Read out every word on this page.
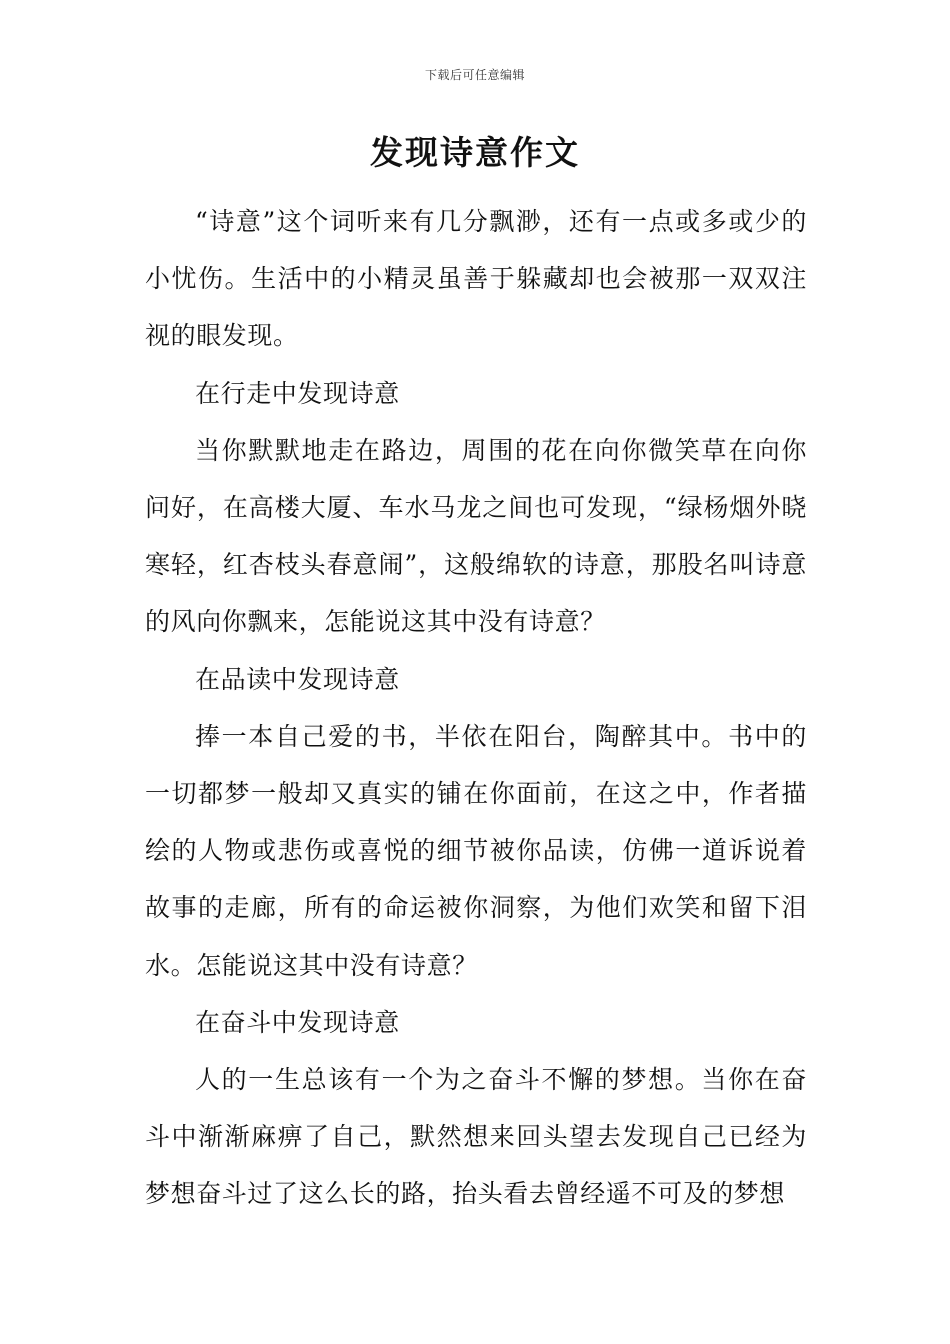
下载后可任意编辑
发现诗意作文

“诗意”这个词听来有几分飘渺，还有一点或多或少的小忧伤。生活中的小精灵虽善于躲藏却也会被那一双双注视的眼发现。

在行走中发现诗意

当你默默地走在路边，周围的花在向你微笑草在向你问好，在高楼大厦、车水马龙之间也可发现，“绿杨烟外晓寒轻，红杏枝头春意闹”，这般绵软的诗意，那股名叫诗意的风向你飘来，怎能说这其中没有诗意？

在品读中发现诗意

捧一本自己爱的书，半依在阳台，陶醉其中。书中的一切都梦一般却又真实的铺在你面前，在这之中，作者描绘的人物或悲伤或喜悦的细节被你品读，仿佛一道诉说着故事的走廊，所有的命运被你洞察，为他们欢笑和留下泪水。怎能说这其中没有诗意？

在奋斗中发现诗意

人的一生总该有一个为之奋斗不懈的梦想。当你在奋斗中渐渐麻痹了自己，默然想来回头望去发现自己已经为梦想奋斗过了这么长的路，抬头看去曾经遥不可及的梦想
